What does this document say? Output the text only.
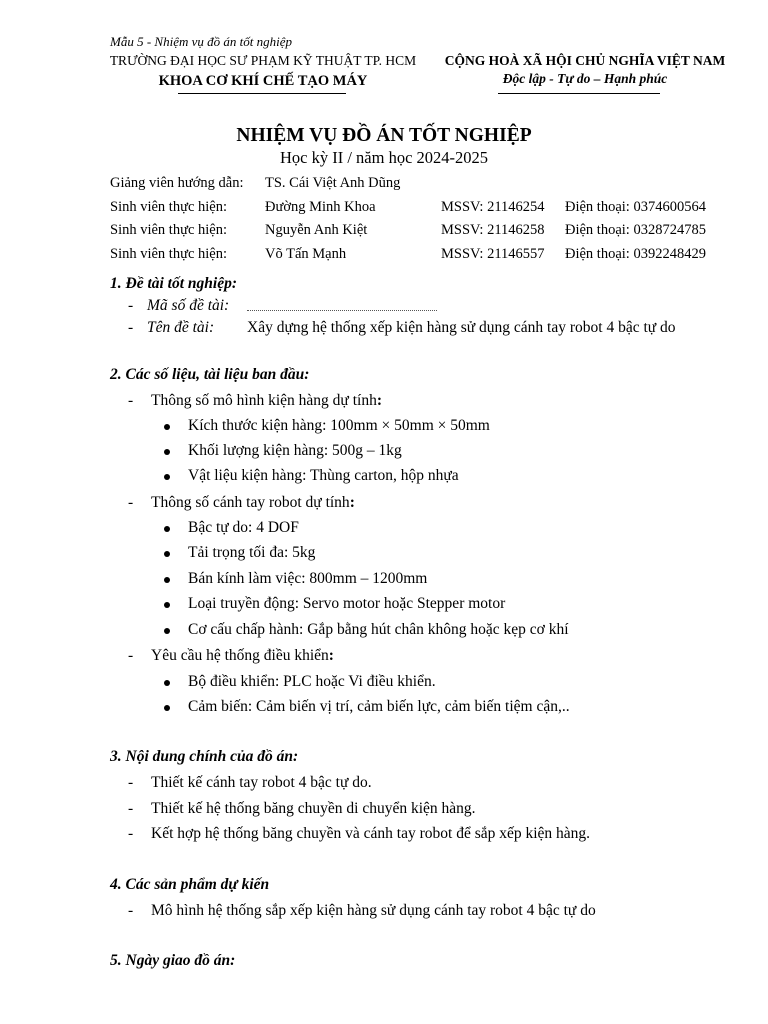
Mẫu 5 - Nhiệm vụ đồ án tốt nghiệp
TRƯỜNG ĐẠI HỌC SƯ PHẠM KỸ THUẬT TP. HCM
KHOA CƠ KHÍ CHẾ TẠO MÁY
CỘNG HOÀ XÃ HỘI CHỦ NGHĨA VIỆT NAM
Độc lập - Tự do – Hạnh phúc
NHIỆM VỤ ĐỒ ÁN TỐT NGHIỆP
Học kỳ II / năm học 2024-2025
Giảng viên hướng dẫn: TS. Cái Việt Anh Dũng
Sinh viên thực hiện:	Đường Minh Khoa	MSSV: 21146254 Điện thoại: 0374600564
Sinh viên thực hiện:	Nguyễn Anh Kiệt	MSSV: 21146258 Điện thoại: 0328724785
Sinh viên thực hiện:	Võ Tấn Mạnh	MSSV: 21146557 Điện thoại: 0392248429
1. Đề tài tốt nghiệp:
- Mã số đề tài:
- Tên đề tài: Xây dựng hệ thống xếp kiện hàng sử dụng cánh tay robot 4 bậc tự do
2. Các số liệu, tài liệu ban đầu:
- Thông số mô hình kiện hàng dự tính:
Kích thước kiện hàng: 100mm × 50mm × 50mm
Khối lượng kiện hàng: 500g – 1kg
Vật liệu kiện hàng: Thùng carton, hộp nhựa
- Thông số cánh tay robot dự tính:
Bậc tự do: 4 DOF
Tải trọng tối đa: 5kg
Bán kính làm việc: 800mm – 1200mm
Loại truyền động: Servo motor hoặc Stepper motor
Cơ cấu chấp hành: Gắp bằng hút chân không hoặc kẹp cơ khí
- Yêu cầu hệ thống điều khiển:
Bộ điều khiển: PLC hoặc Vi điều khiển.
Cảm biến: Cảm biến vị trí, cảm biến lực, cảm biến tiệm cận,..
3. Nội dung chính của đồ án:
- Thiết kế cánh tay robot 4 bậc tự do.
- Thiết kế hệ thống băng chuyền di chuyển kiện hàng.
- Kết hợp hệ thống băng chuyền và cánh tay robot để sắp xếp kiện hàng.
4. Các sản phẩm dự kiến
- Mô hình hệ thống sắp xếp kiện hàng sử dụng cánh tay robot 4 bậc tự do
5. Ngày giao đồ án:
